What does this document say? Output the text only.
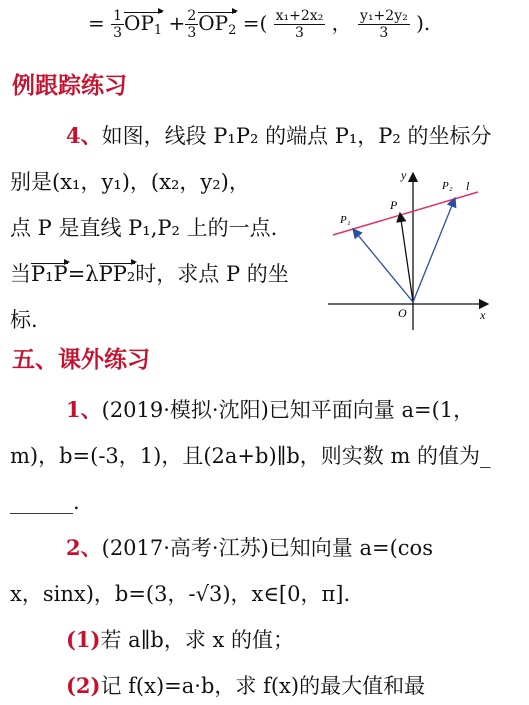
= $\frac{1}{3} OP_1 + \frac{2}{3} OP_2$ =( $\frac{\text{x₁+2x₂}}{3}$ ， $\frac{\text{y₁+2y₂}}{3}$ ).
例跟踪练习
4、如图，线段 P₁P₂ 的端点 P₁，P₂ 的坐标分
别是(x₁，y₁)，(x₂，y₂)，
点 P 是直线 P₁,P₂ 上的一点.
当P₁P=λPP₂时，求点 P 的坐
标.
y
x
O
P₁
P
P₂ l
五、课外练习
1、(2019·模拟·沈阳)已知平面向量 a=(1，
m)，b=(-3，1)，且(2a+b)∥b，则实数 m 的值为_
______.
2、(2017·高考·江苏)已知向量 a=(cos
x，sinx)，b=(3，-√3)，x∈[0，π].
(1)若 a∥b，求 x 的值；
(2)记 f(x)=a·b，求 f(x)的最大值和最
